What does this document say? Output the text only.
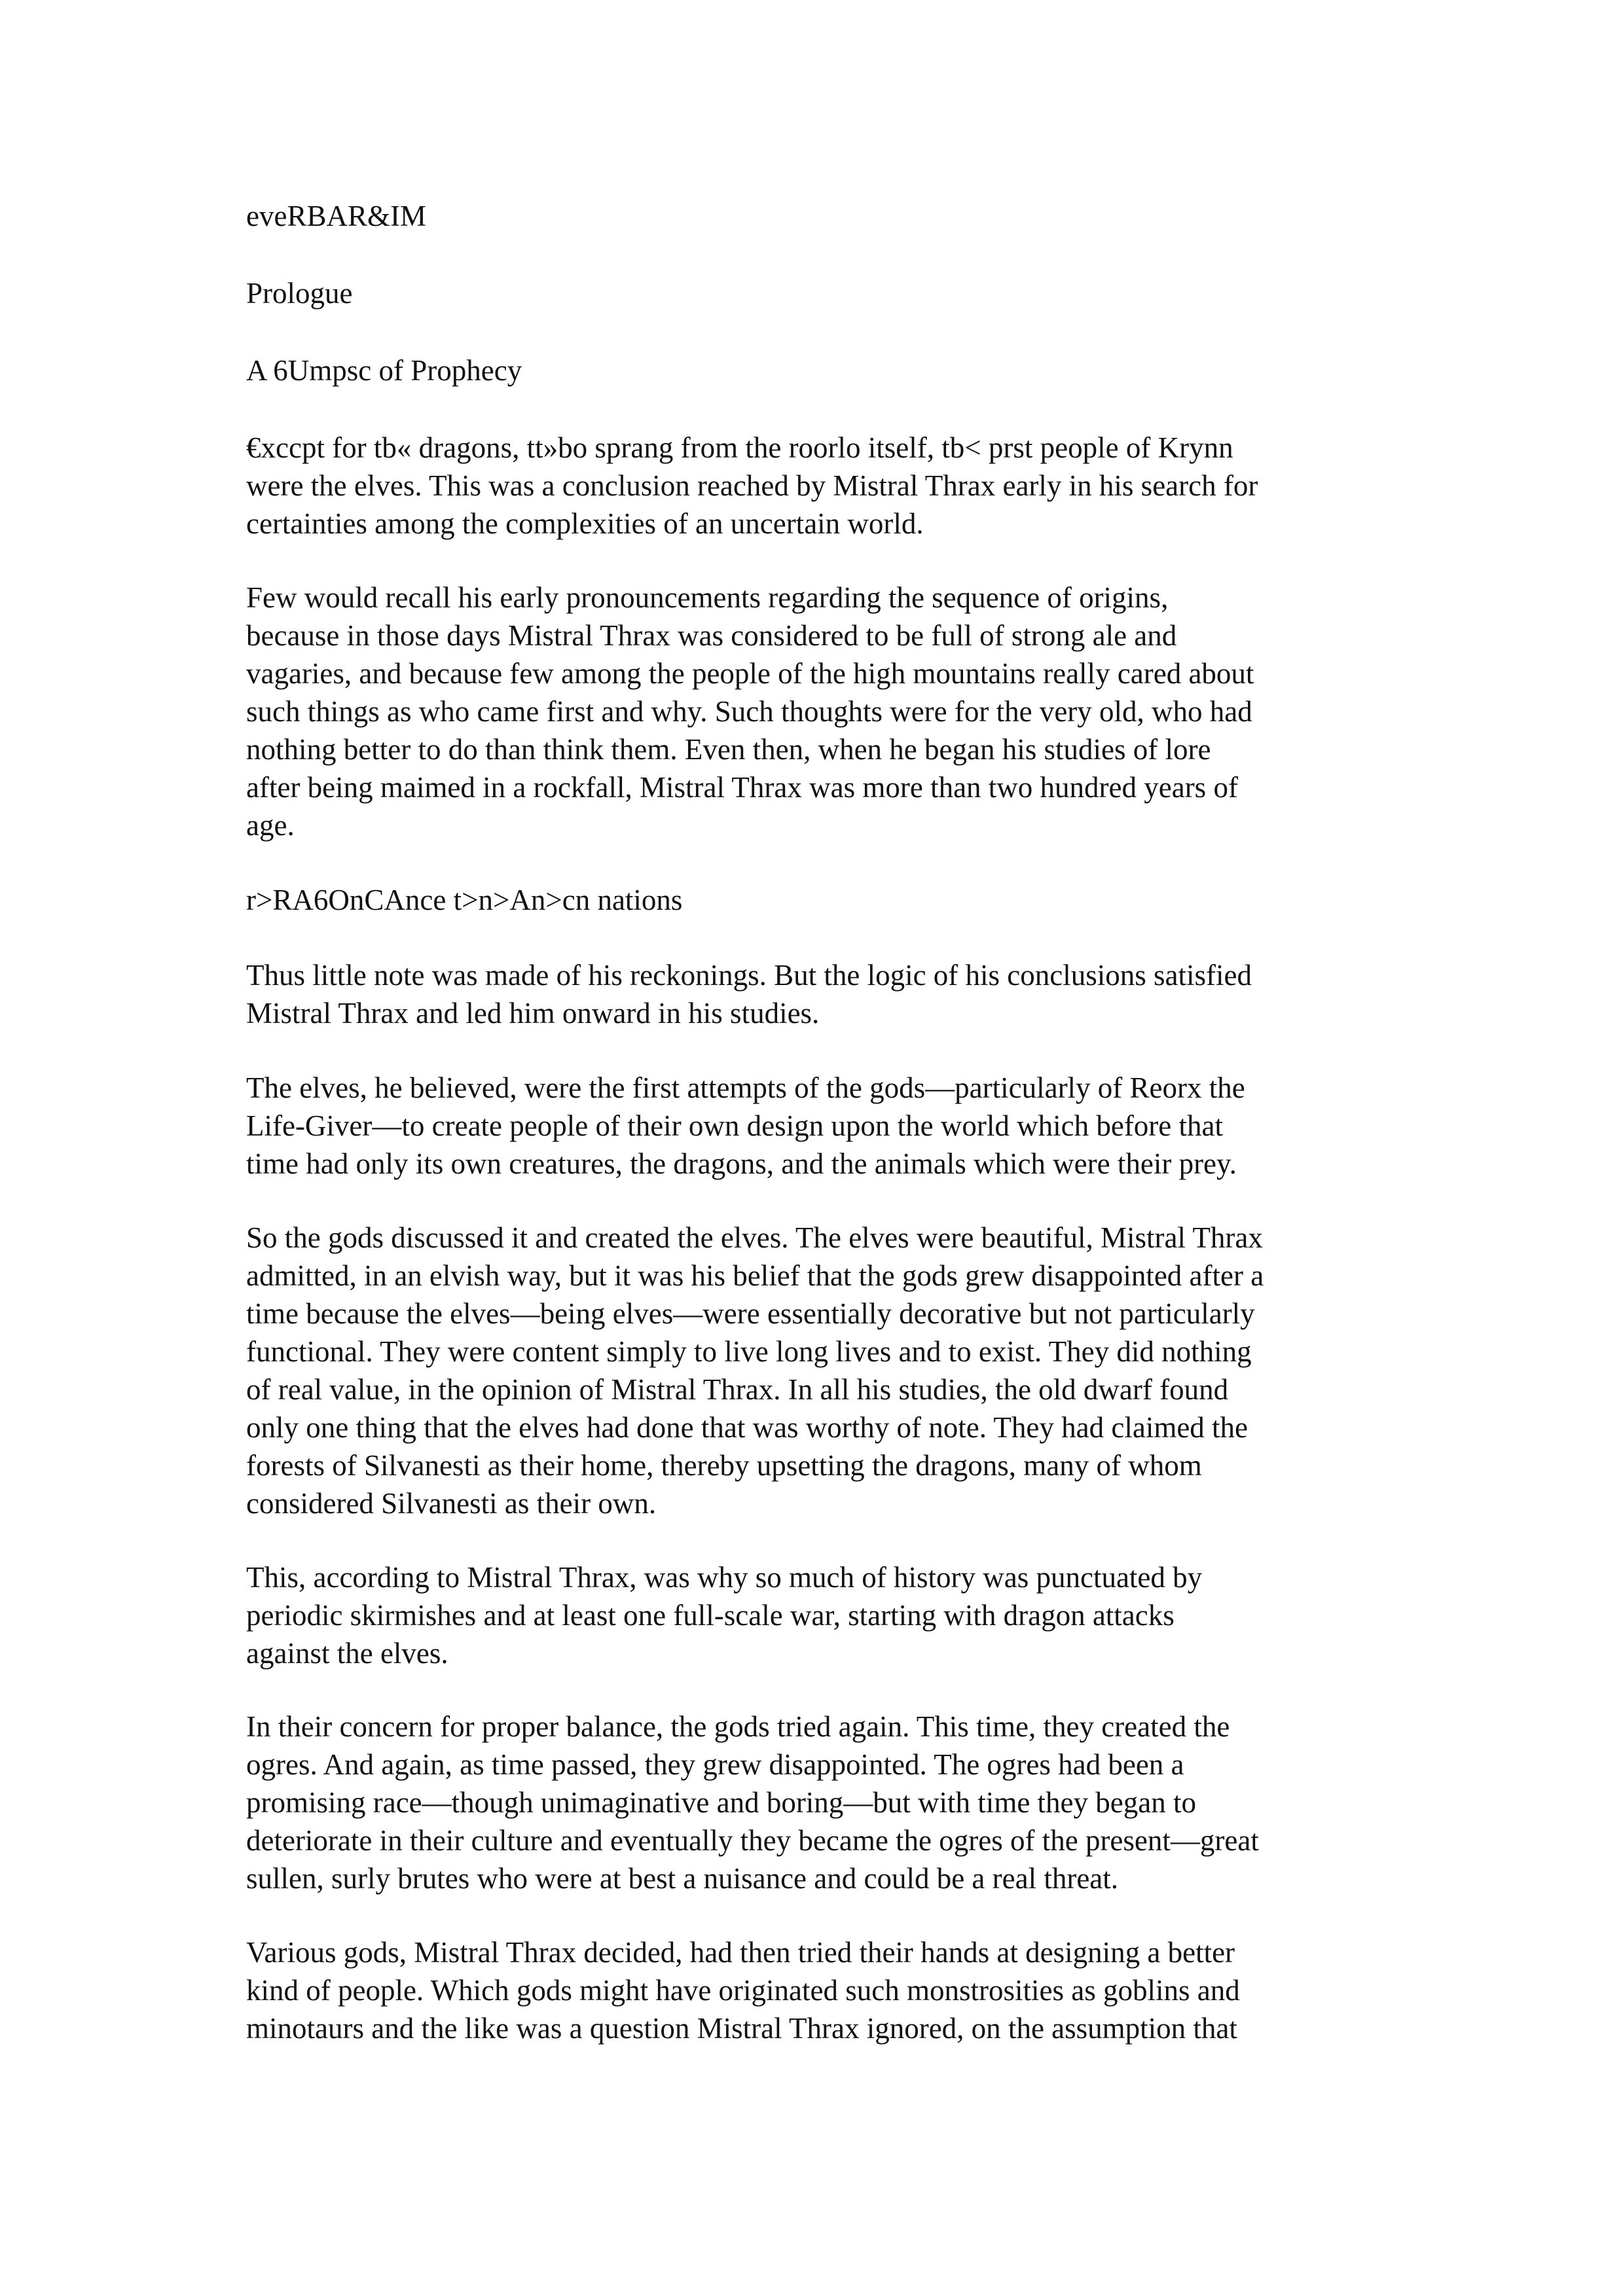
eveRBAR&IM
Prologue
A 6Umpsc of Prophecy

€xccpt for tb« dragons, tt»bo sprang from the roorlo itself, tb< prst people of Krynn
were the elves. This was a conclusion reached by Mistral Thrax early in his search for
certainties among the complexities of an uncertain world.

Few would recall his early pronouncements regarding the sequence of origins,
because in those days Mistral Thrax was considered to be full of strong ale and
vagaries, and because few among the people of the high mountains really cared about
such things as who came first and why. Such thoughts were for the very old, who had
nothing better to do than think them. Even then, when he began his studies of lore
after being maimed in a rockfall, Mistral Thrax was more than two hundred years of
age.

r>RA6OnCAnce t>n>An>cn nations

Thus little note was made of his reckonings. But the logic of his conclusions satisfied
Mistral Thrax and led him onward in his studies.

The elves, he believed, were the first attempts of the gods—particularly of Reorx the
Life-Giver—to create people of their own design upon the world which before that
time had only its own creatures, the dragons, and the animals which were their prey.

So the gods discussed it and created the elves. The elves were beautiful, Mistral Thrax
admitted, in an elvish way, but it was his belief that the gods grew disappointed after a
time because the elves—being elves—were essentially decorative but not particularly
functional. They were content simply to live long lives and to exist. They did nothing
of real value, in the opinion of Mistral Thrax. In all his studies, the old dwarf found
only one thing that the elves had done that was worthy of note. They had claimed the
forests of Silvanesti as their home, thereby upsetting the dragons, many of whom
considered Silvanesti as their own.

This, according to Mistral Thrax, was why so much of history was punctuated by
periodic skirmishes and at least one full-scale war, starting with dragon attacks
against the elves.

In their concern for proper balance, the gods tried again. This time, they created the
ogres. And again, as time passed, they grew disappointed. The ogres had been a
promising race—though unimaginative and boring—but with time they began to
deteriorate in their culture and eventually they became the ogres of the present—great
sullen, surly brutes who were at best a nuisance and could be a real threat.

Various gods, Mistral Thrax decided, had then tried their hands at designing a better
kind of people. Which gods might have originated such monstrosities as goblins and
minotaurs and the like was a question Mistral Thrax ignored, on the assumption that
